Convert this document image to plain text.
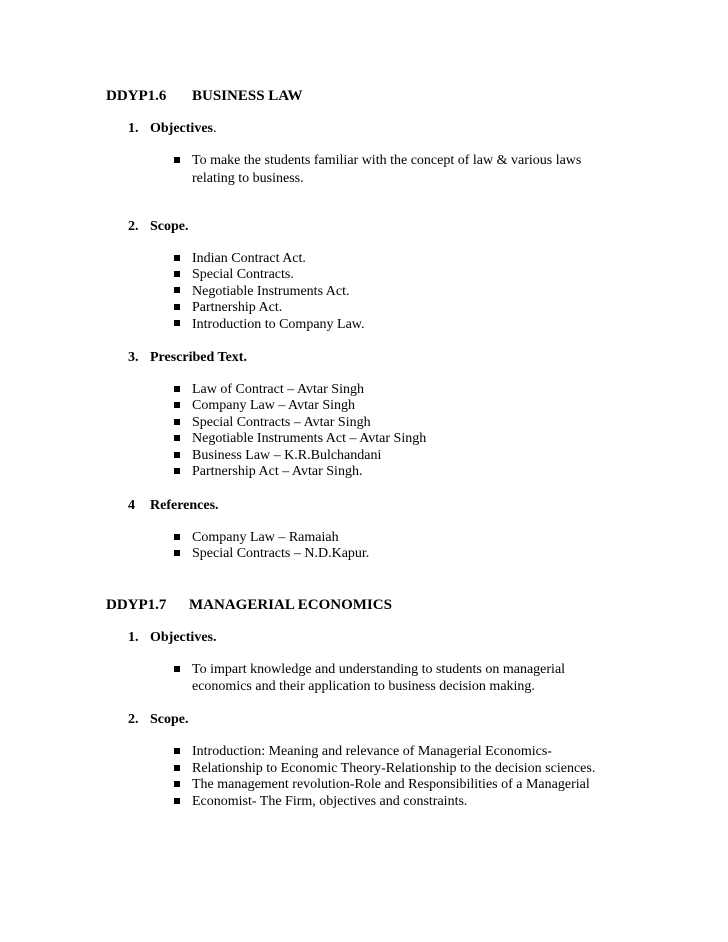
DDYP1.6 BUSINESS LAW
1. Objectives.
To make the students familiar with the concept of law & various laws
relating to business.
2. Scope.
Indian Contract Act.
Special Contracts.
Negotiable Instruments Act.
Partnership Act.
Introduction to Company Law.
3. Prescribed Text.
Law of Contract – Avtar Singh
Company Law – Avtar Singh
Special Contracts – Avtar Singh
Negotiable Instruments Act – Avtar Singh
Business Law – K.R.Bulchandani
Partnership Act – Avtar Singh.
4 References.
Company Law – Ramaiah
Special Contracts – N.D.Kapur.
DDYP1.7 MANAGERIAL ECONOMICS
1. Objectives.
To impart knowledge and understanding to students on managerial
economics and their application to business decision making.
2. Scope.
Introduction: Meaning and relevance of Managerial Economics-
Relationship to Economic Theory-Relationship to the decision sciences.
The management revolution-Role and Responsibilities of a Managerial
Economist- The Firm, objectives and constraints.
